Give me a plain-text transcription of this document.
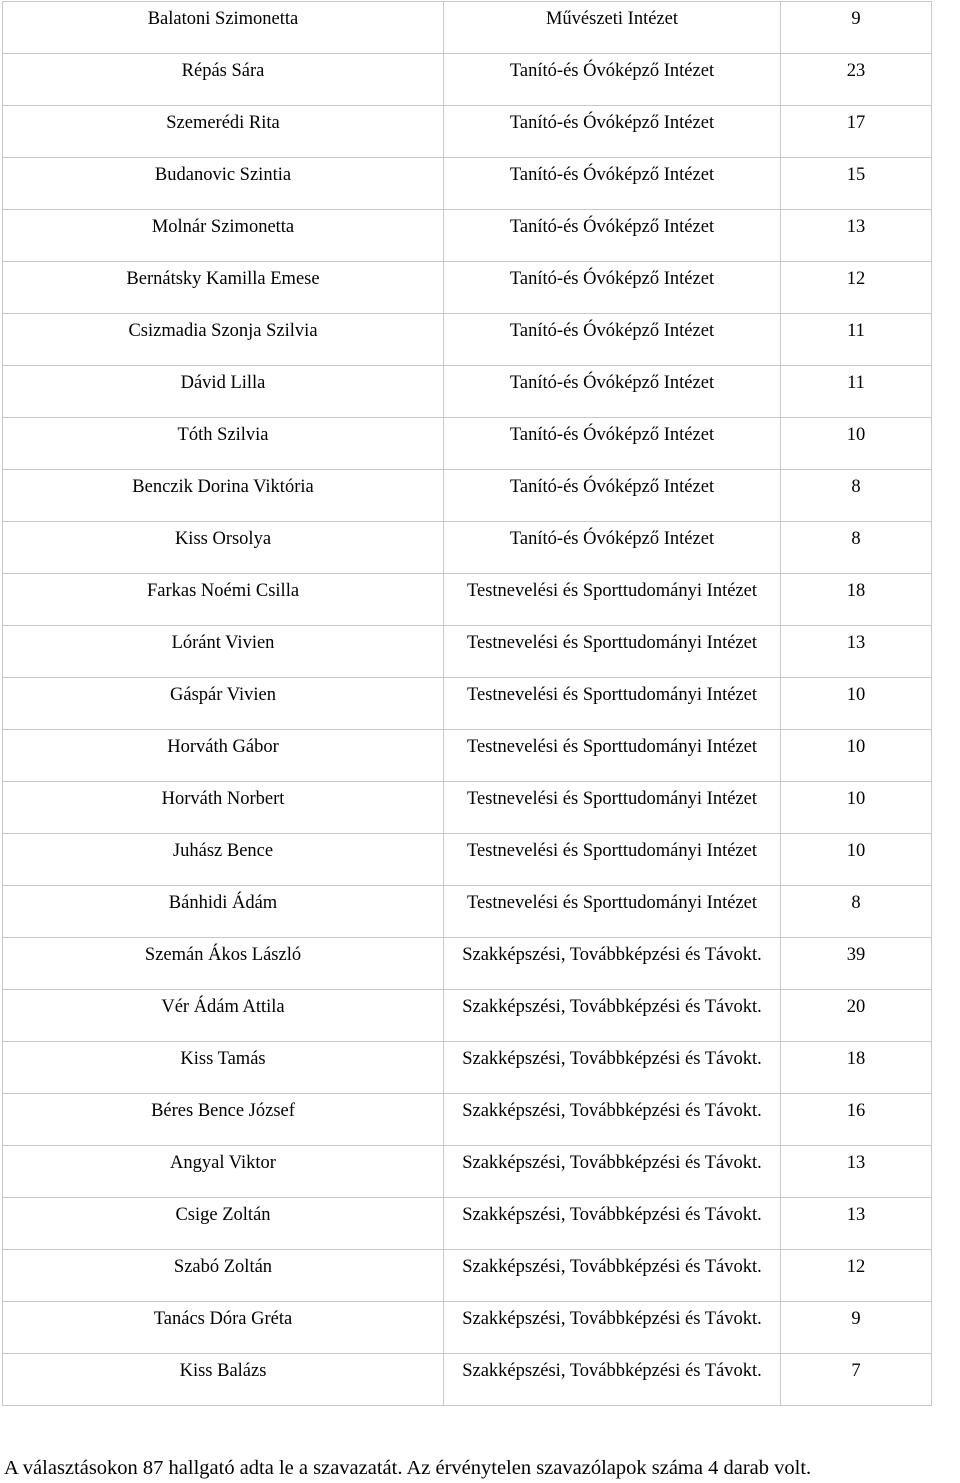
Balatoni Szimonetta	Művészeti Intézet	9

Répás Sára	Tanító-és Óvóképző Intézet	23

Szemerédi Rita	Tanító-és Óvóképző Intézet	17

Budanovic Szintia	Tanító-és Óvóképző Intézet	15

Molnár Szimonetta	Tanító-és Óvóképző Intézet	13

Bernátsky Kamilla Emese	Tanító-és Óvóképző Intézet	12

Csizmadia Szonja Szilvia	Tanító-és Óvóképző Intézet	11

Dávid Lilla	Tanító-és Óvóképző Intézet	11

Tóth Szilvia	Tanító-és Óvóképző Intézet	10

Benczik Dorina Viktória	Tanító-és Óvóképző Intézet	8

Kiss Orsolya	Tanító-és Óvóképző Intézet	8

Farkas Noémi Csilla	Testnevelési és Sporttudományi Intézet	18

Lóránt Vivien	Testnevelési és Sporttudományi Intézet	13

Gáspár Vivien	Testnevelési és Sporttudományi Intézet	10

Horváth Gábor	Testnevelési és Sporttudományi Intézet	10

Horváth Norbert	Testnevelési és Sporttudományi Intézet	10

Juhász Bence	Testnevelési és Sporttudományi Intézet	10

Bánhidi Ádám	Testnevelési és Sporttudományi Intézet	8

Szemán Ákos László	Szakképszési, Továbbképzési és Távokt.	39

Vér Ádám Attila	Szakképszési, Továbbképzési és Távokt.	20

Kiss Tamás	Szakképszési, Továbbképzési és Távokt.	18

Béres Bence József	Szakképszési, Továbbképzési és Távokt.	16

Angyal Viktor	Szakképszési, Továbbképzési és Távokt.	13

Csige Zoltán	Szakképszési, Továbbképzési és Távokt.	13

Szabó Zoltán	Szakképszési, Továbbképzési és Távokt.	12

Tanács Dóra Gréta	Szakképszési, Továbbképzési és Távokt.	9

Kiss Balázs	Szakképszési, Továbbképzési és Távokt.	7
A választásokon 87 hallgató adta le a szavazatát. Az érvénytelen szavazólapok száma 4 darab volt.
